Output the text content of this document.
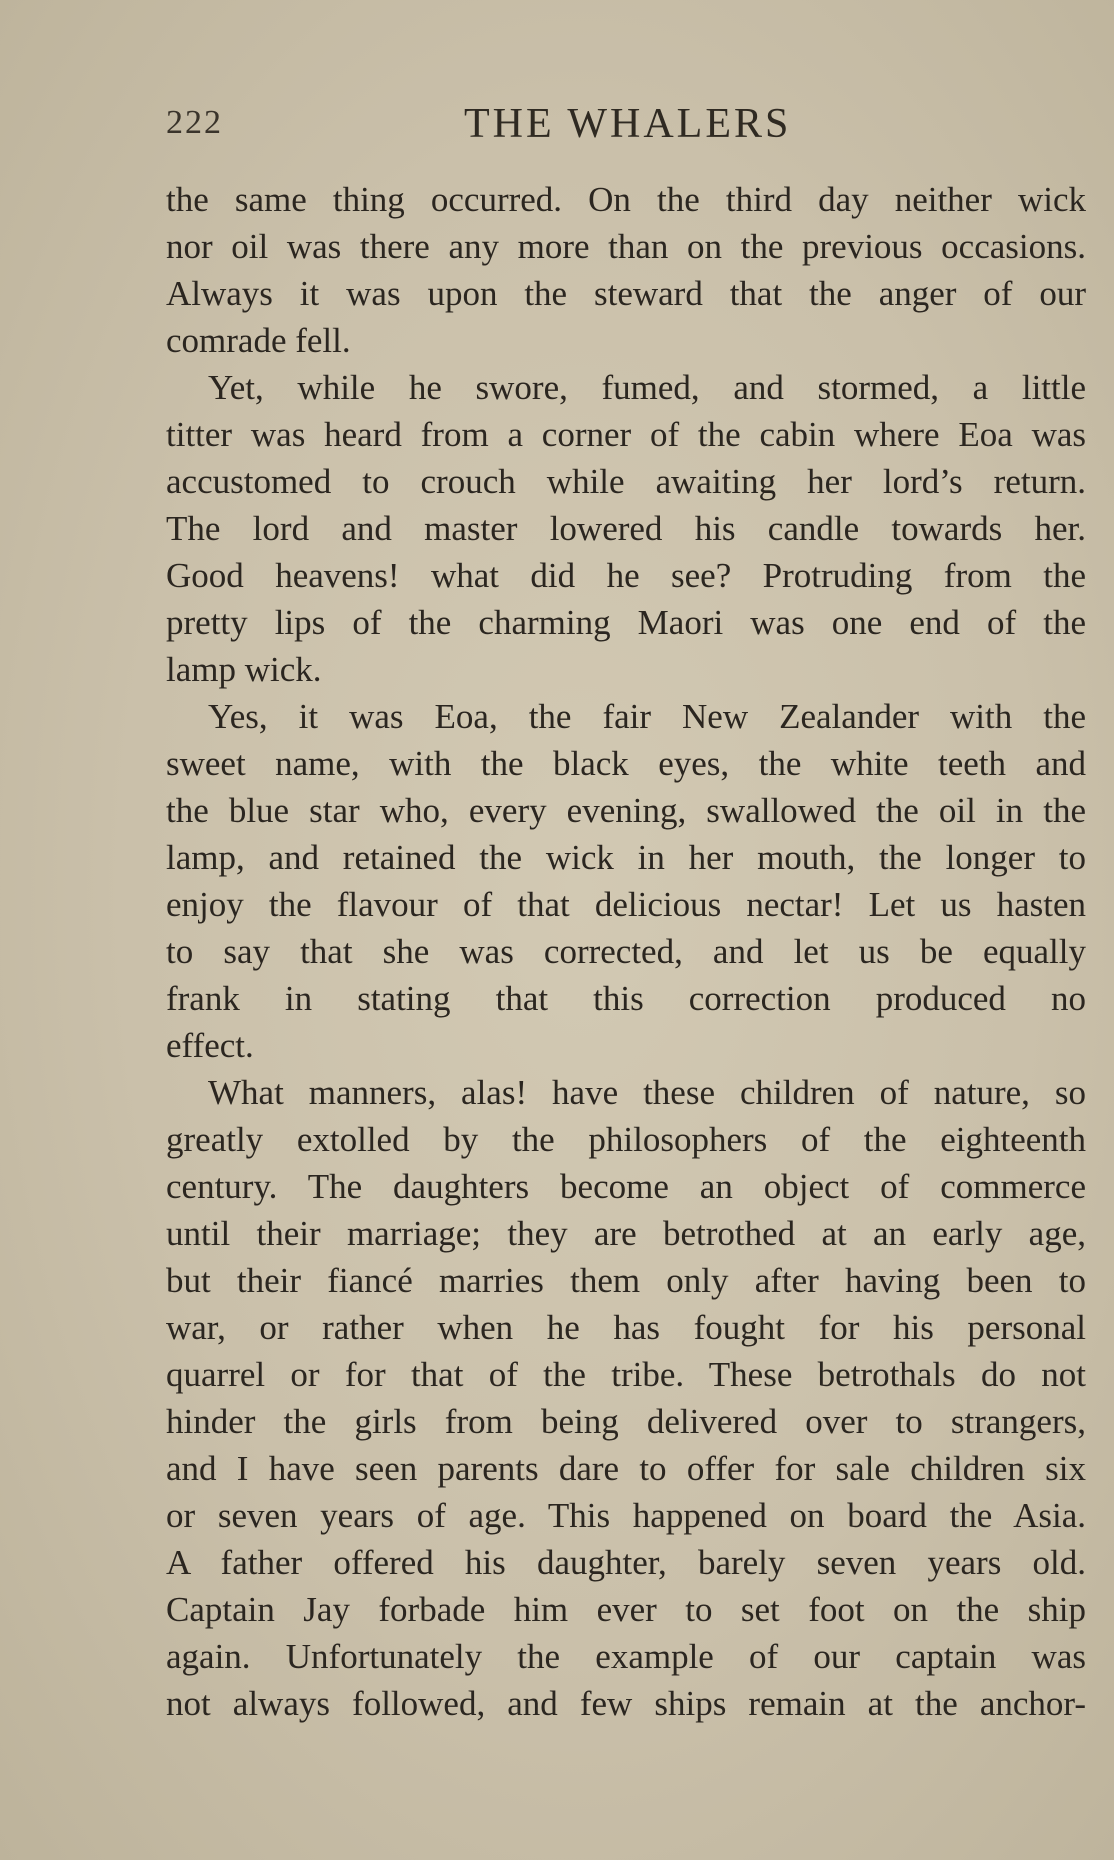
222	THE WHALERS
the same thing occurred. On the third day neither wick
nor oil was there any more than on the previous occasions.
Always it was upon the steward that the anger of our
comrade fell.
Yet, while he swore, fumed, and stormed, a little
titter was heard from a corner of the cabin where Eoa was
accustomed to crouch while awaiting her lord’s return.
The lord and master lowered his candle towards her.
Good heavens! what did he see? Protruding from the
pretty lips of the charming Maori was one end of the
lamp wick.
Yes, it was Eoa, the fair New Zealander with the
sweet name, with the black eyes, the white teeth and
the blue star who, every evening, swallowed the oil in the
lamp, and retained the wick in her mouth, the longer to
enjoy the flavour of that delicious nectar! Let us hasten
to say that she was corrected, and let us be equally
frank in stating that this correction produced no
effect.
What manners, alas! have these children of nature, so
greatly extolled by the philosophers of the eighteenth
century. The daughters become an object of commerce
until their marriage; they are betrothed at an early age,
but their fiancé marries them only after having been to
war, or rather when he has fought for his personal
quarrel or for that of the tribe. These betrothals do not
hinder the girls from being delivered over to strangers,
and I have seen parents dare to offer for sale children six
or seven years of age. This happened on board the Asia.
A father offered his daughter, barely seven years old.
Captain Jay forbade him ever to set foot on the ship
again. Unfortunately the example of our captain was
not always followed, and few ships remain at the anchor-
